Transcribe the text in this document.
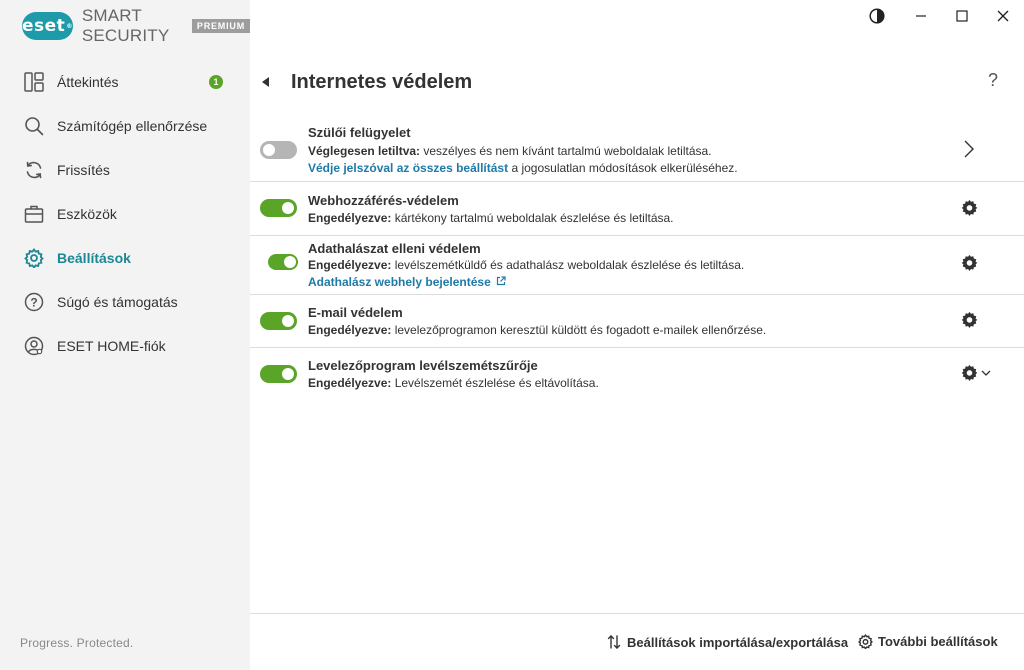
eset ®
SMART SECURITY	PREMIUM
Áttekintés	1
Számítógép ellenőrzése
Frissítés
Eszközök
Beállítások
? Súgó és támogatás
ESET HOME-fiók
Progress. Protected.
Internetes védelem	?
Szülői felügyelet
Véglegesen letiltva: veszélyes és nem kívánt tartalmú weboldalak letiltása.
Védje jelszóval az összes beállítást a jogosulatlan módosítások elkerüléséhez.
Webhozzáférés-védelem
Engedélyezve: kártékony tartalmú weboldalak észlelése és letiltása.
Adathalászat elleni védelem
Engedélyezve: levélszemétküldő és adathalász weboldalak észlelése és letiltása.
Adathalász webhely bejelentése
E-mail védelem
Engedélyezve: levelezőprogramon keresztül küldött és fogadott e-mailek ellenőrzése.
Levelezőprogram levélszemétszűrője
Engedélyezve: Levélszemét észlelése és eltávolítása.
Beállítások importálása/exportálása További beállítások
